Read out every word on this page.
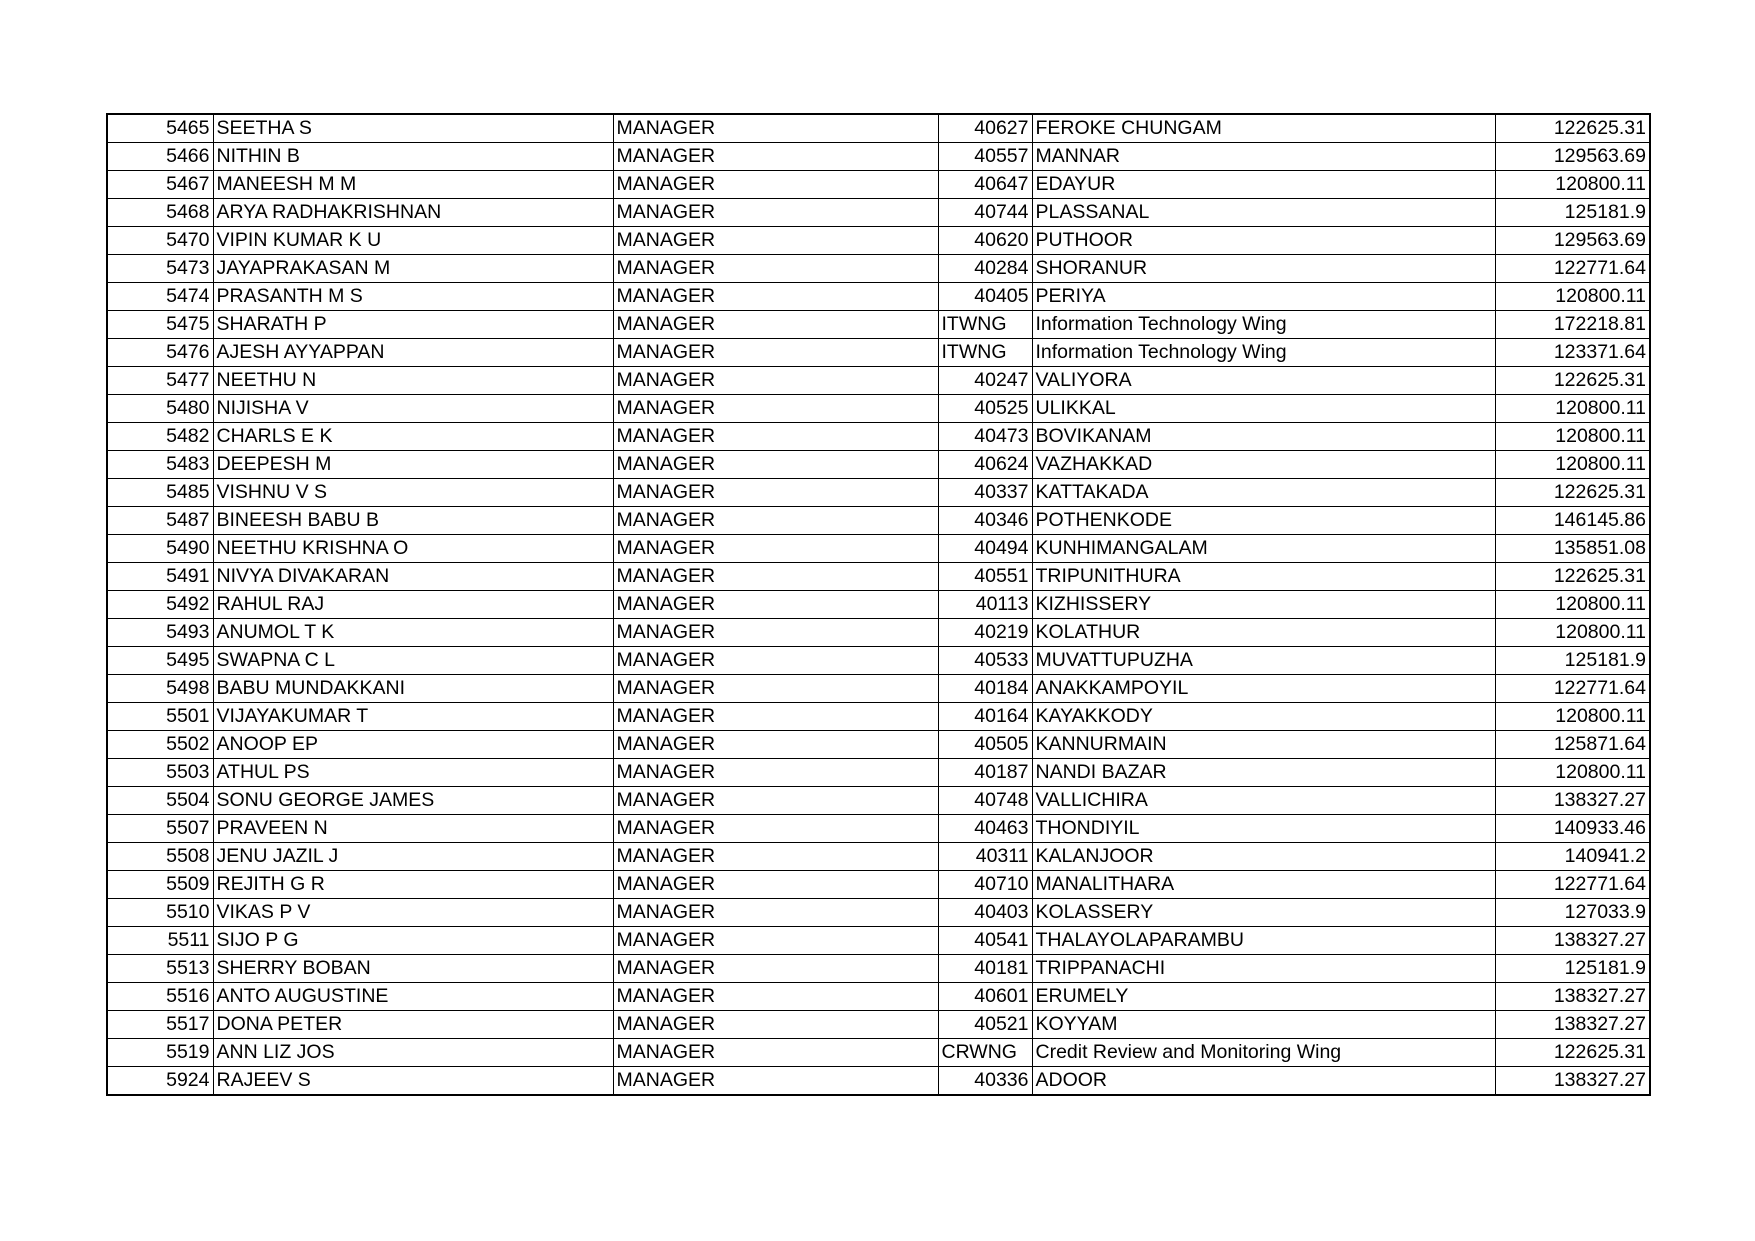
5465	SEETHA S	MANAGER	40627	FEROKE CHUNGAM	122625.31
5466	NITHIN B	MANAGER	40557	MANNAR	129563.69
5467	MANEESH M M	MANAGER	40647	EDAYUR	120800.11
5468	ARYA RADHAKRISHNAN	MANAGER	40744	PLASSANAL	125181.9
5470	VIPIN KUMAR K U	MANAGER	40620	PUTHOOR	129563.69
5473	JAYAPRAKASAN M	MANAGER	40284	SHORANUR	122771.64
5474	PRASANTH M S	MANAGER	40405	PERIYA	120800.11
5475	SHARATH P	MANAGER	ITWNG	Information Technology Wing	172218.81
5476	AJESH AYYAPPAN	MANAGER	ITWNG	Information Technology Wing	123371.64
5477	NEETHU N	MANAGER	40247	VALIYORA	122625.31
5480	NIJISHA V	MANAGER	40525	ULIKKAL	120800.11
5482	CHARLS E K	MANAGER	40473	BOVIKANAM	120800.11
5483	DEEPESH M	MANAGER	40624	VAZHAKKAD	120800.11
5485	VISHNU V S	MANAGER	40337	KATTAKADA	122625.31
5487	BINEESH BABU B	MANAGER	40346	POTHENKODE	146145.86
5490	NEETHU KRISHNA O	MANAGER	40494	KUNHIMANGALAM	135851.08
5491	NIVYA DIVAKARAN	MANAGER	40551	TRIPUNITHURA	122625.31
5492	RAHUL RAJ	MANAGER	40113	KIZHISSERY	120800.11
5493	ANUMOL T K	MANAGER	40219	KOLATHUR	120800.11
5495	SWAPNA C L	MANAGER	40533	MUVATTUPUZHA	125181.9
5498	BABU MUNDAKKANI	MANAGER	40184	ANAKKAMPOYIL	122771.64
5501	VIJAYAKUMAR T	MANAGER	40164	KAYAKKODY	120800.11
5502	ANOOP EP	MANAGER	40505	KANNURMAIN	125871.64
5503	ATHUL PS	MANAGER	40187	NANDI BAZAR	120800.11
5504	SONU GEORGE JAMES	MANAGER	40748	VALLICHIRA	138327.27
5507	PRAVEEN N	MANAGER	40463	THONDIYIL	140933.46
5508	JENU JAZIL J	MANAGER	40311	KALANJOOR	140941.2
5509	REJITH G R	MANAGER	40710	MANALITHARA	122771.64
5510	VIKAS P V	MANAGER	40403	KOLASSERY	127033.9
5511	SIJO P G	MANAGER	40541	THALAYOLAPARAMBU	138327.27
5513	SHERRY BOBAN	MANAGER	40181	TRIPPANACHI	125181.9
5516	ANTO AUGUSTINE	MANAGER	40601	ERUMELY	138327.27
5517	DONA PETER	MANAGER	40521	KOYYAM	138327.27
5519	ANN LIZ JOS	MANAGER	CRWNG	Credit Review and Monitoring Wing	122625.31
5924	RAJEEV S	MANAGER	40336	ADOOR	138327.27
